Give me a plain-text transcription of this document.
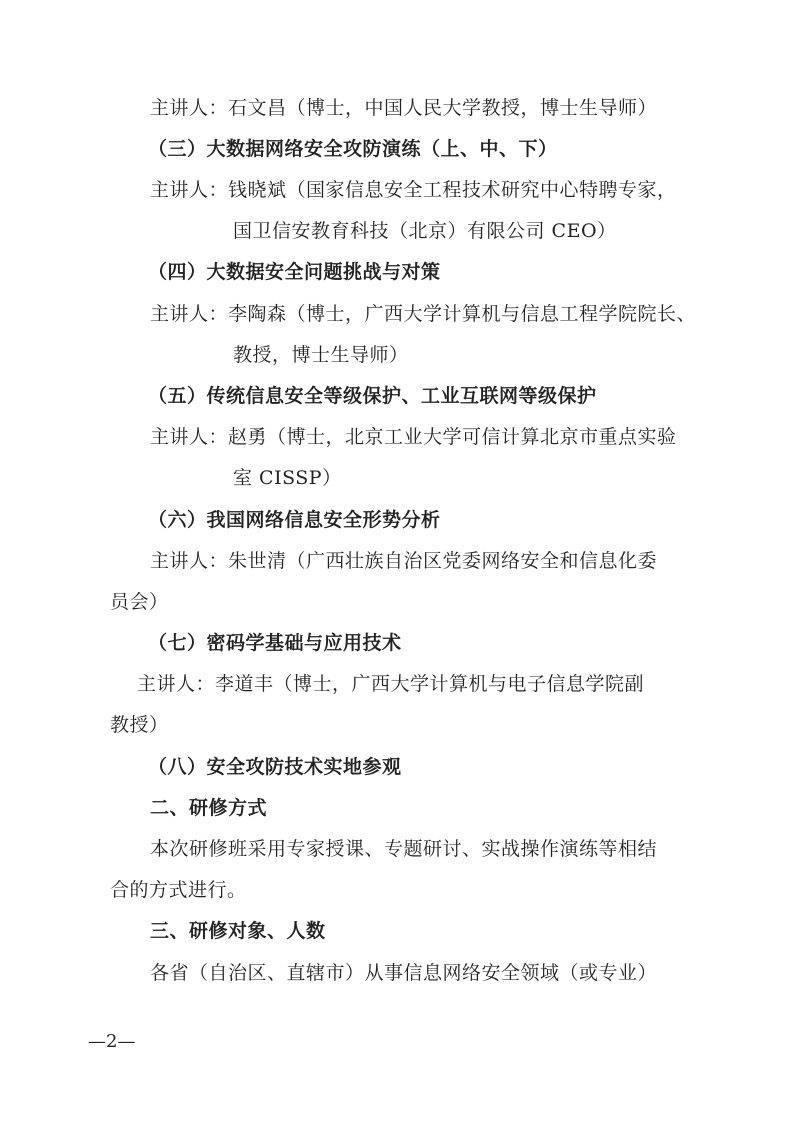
主讲人：石文昌（博士，中国人民大学教授，博士生导师）
（三）大数据网络安全攻防演练（上、中、下）
主讲人：钱晓斌（国家信息安全工程技术研究中心特聘专家，
国卫信安教育科技（北京）有限公司 CEO）
（四）大数据安全问题挑战与对策
主讲人：李陶森（博士，广西大学计算机与信息工程学院院长、
教授，博士生导师）
（五）传统信息安全等级保护、工业互联网等级保护
主讲人：赵勇（博士，北京工业大学可信计算北京市重点实验
室 CISSP）
（六）我国网络信息安全形势分析
主讲人：朱世清（广西壮族自治区党委网络安全和信息化委
员会）
（七）密码学基础与应用技术
主讲人：李道丰（博士，广西大学计算机与电子信息学院副
教授）
（八）安全攻防技术实地参观
二、研修方式
本次研修班采用专家授课、专题研讨、实战操作演练等相结
合的方式进行。
三、研修对象、人数
各省（自治区、直辖市）从事信息网络安全领域（或专业）
—2—
